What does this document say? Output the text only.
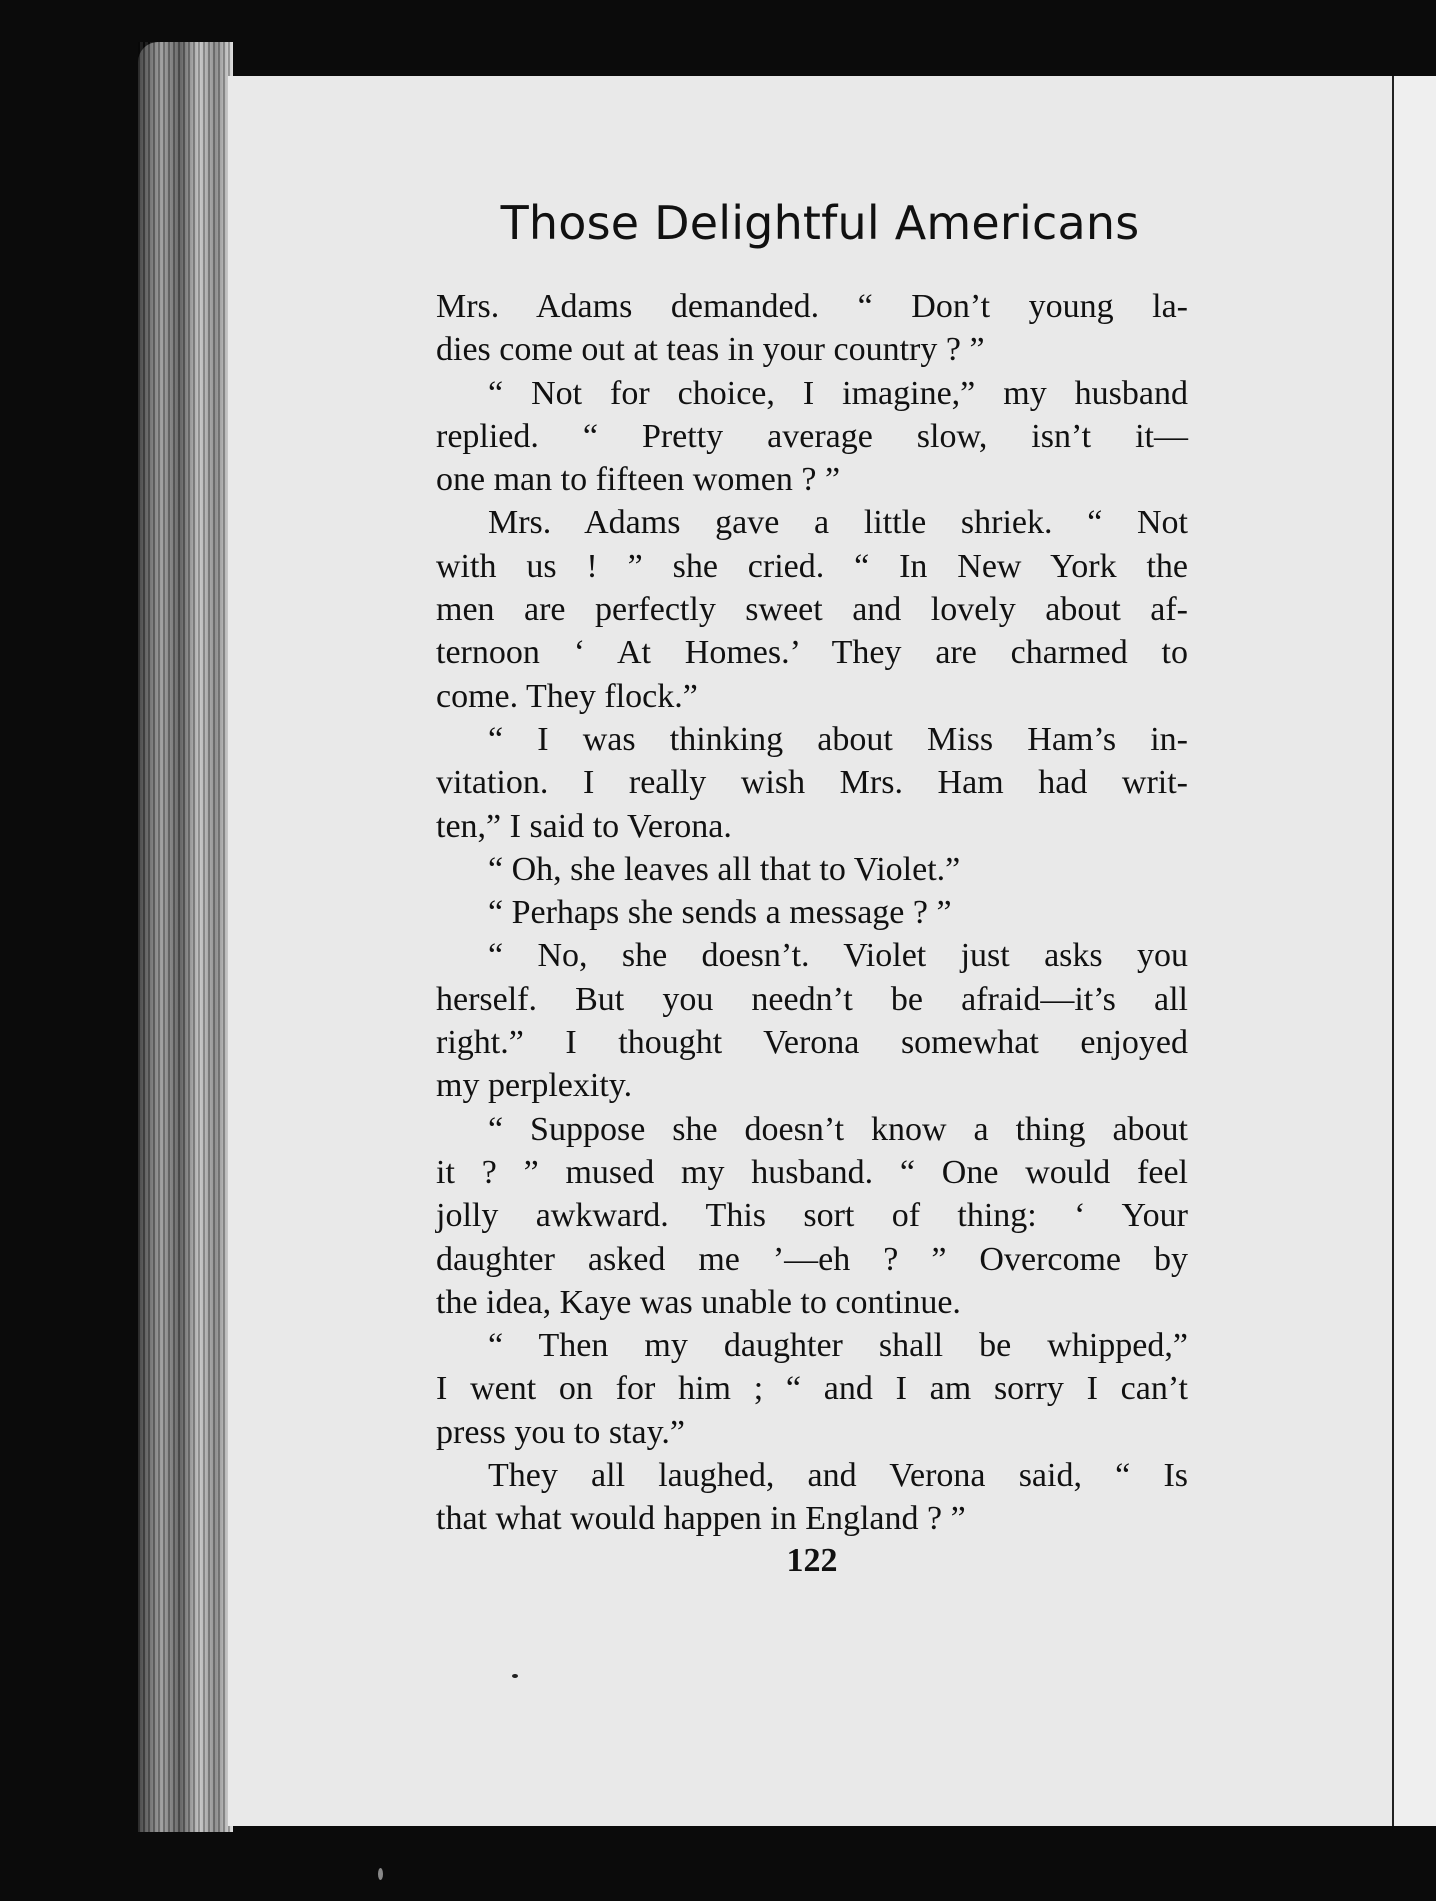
Those Delightful Americans
Mrs. Adams demanded. “ Don’t young la-
dies come out at teas in your country ? ”
“ Not for choice, I imagine,” my husband
replied. “ Pretty average slow, isn’t it—
one man to fifteen women ? ”
Mrs. Adams gave a little shriek. “ Not
with us ! ” she cried. “ In New York the
men are perfectly sweet and lovely about af-
ternoon ‘ At Homes.’ They are charmed to
come. They flock.”
“ I was thinking about Miss Ham’s in-
vitation. I really wish Mrs. Ham had writ-
ten,” I said to Verona.
“ Oh, she leaves all that to Violet.”
“ Perhaps she sends a message ? ”
“ No, she doesn’t. Violet just asks you
herself. But you needn’t be afraid—it’s all
right.” I thought Verona somewhat enjoyed
my perplexity.
“ Suppose she doesn’t know a thing about
it ? ” mused my husband. “ One would feel
jolly awkward. This sort of thing: ‘ Your
daughter asked me ’—eh ? ” Overcome by
the idea, Kaye was unable to continue.
“ Then my daughter shall be whipped,”
I went on for him ; “ and I am sorry I can’t
press you to stay.”
They all laughed, and Verona said, “ Is
that what would happen in England ? ”
122
